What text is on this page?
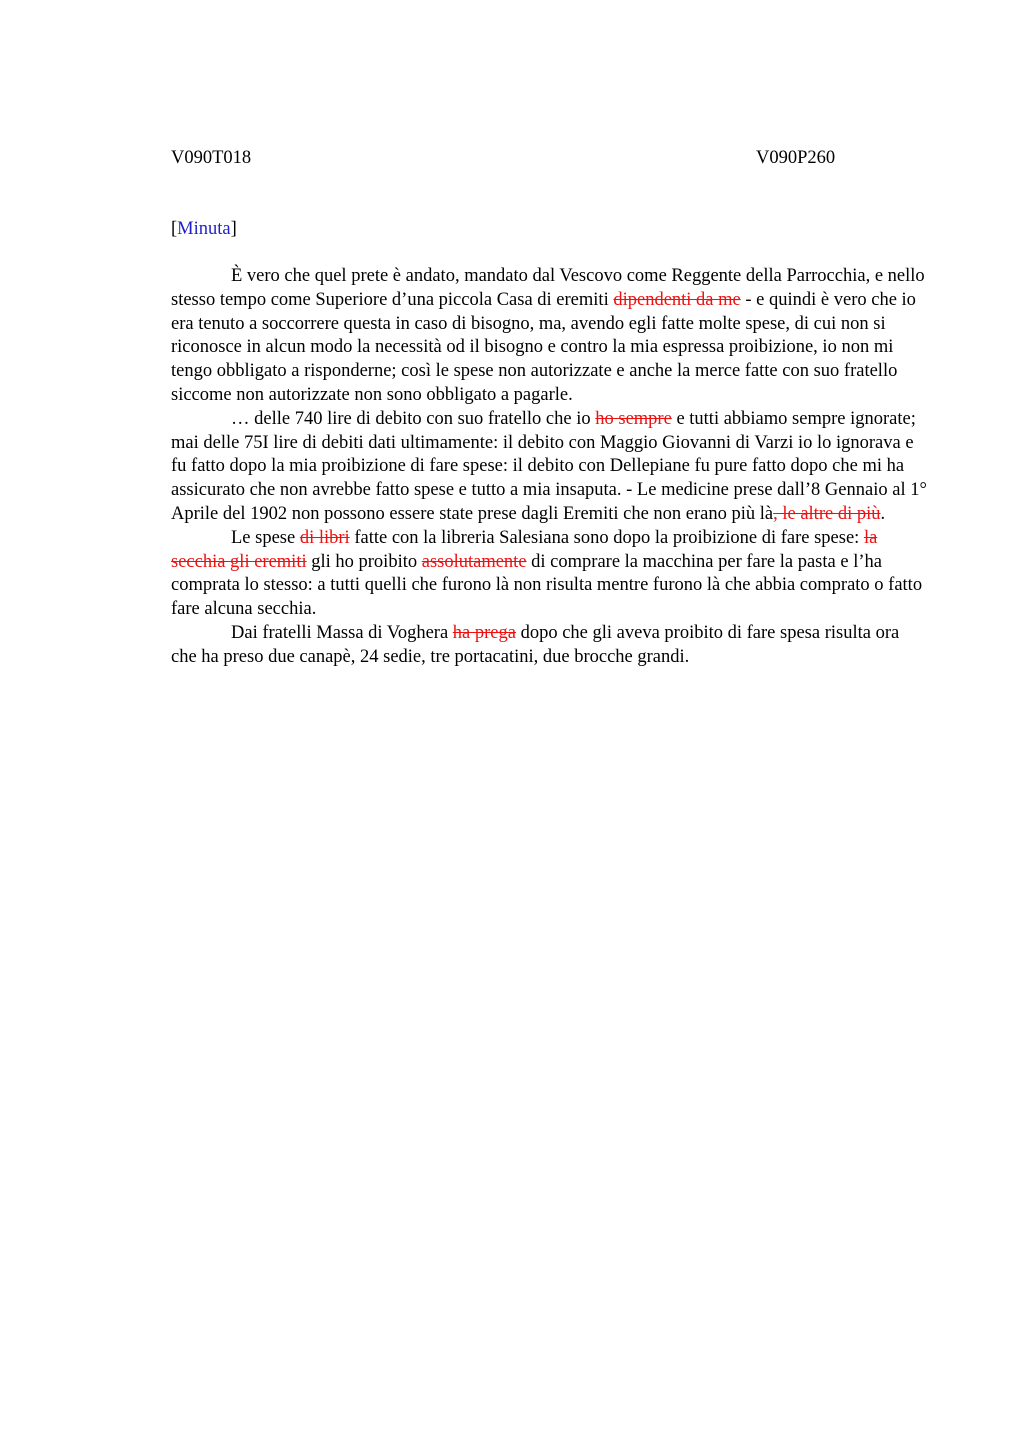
V090T018	V090P260
[Minuta]

È vero che quel prete è andato, mandato dal Vescovo come Reggente della Parrocchia, e nello stesso tempo come Superiore d’una piccola Casa di eremiti dipendenti da me - e quindi è vero che io era tenuto a soccorrere questa in caso di bisogno, ma, avendo egli fatte molte spese, di cui non si riconosce in alcun modo la necessità od il bisogno e contro la mia espressa proibizione, io non mi tengo obbligato a risponderne; così le spese non autorizzate e anche la merce fatte con suo fratello siccome non autorizzate non sono obbligato a pagarle.

… delle 740 lire di debito con suo fratello che io ho sempre e tutti abbiamo sempre ignorate; mai delle 75I lire di debiti dati ultimamente: il debito con Maggio Giovanni di Varzi io lo ignorava e fu fatto dopo la mia proibizione di fare spese: il debito con Dellepiane fu pure fatto dopo che mi ha assicurato che non avrebbe fatto spese e tutto a mia insaputa. - Le medicine prese dall’8 Gennaio al 1° Aprile del 1902 non possono essere state prese dagli Eremiti che non erano più là, le altre di più.

Le spese di libri fatte con la libreria Salesiana sono dopo la proibizione di fare spese: la secchia gli eremiti gli ho proibito assolutamente di comprare la macchina per fare la pasta e l’ha comprata lo stesso: a tutti quelli che furono là non risulta mentre furono là che abbia comprato o fatto fare alcuna secchia.

Dai fratelli Massa di Voghera ha prega dopo che gli aveva proibito di fare spesa risulta ora che ha preso due canapè, 24 sedie, tre portacatini, due brocche grandi.
